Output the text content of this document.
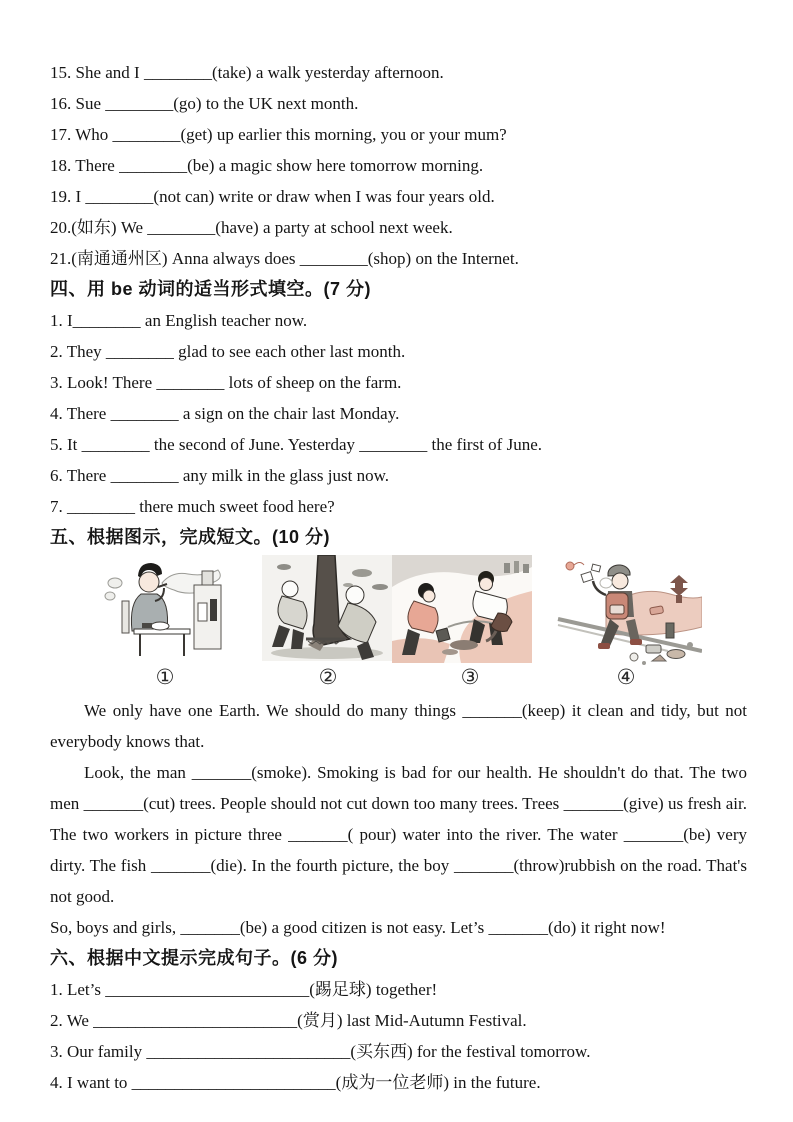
15. She and I ________(take) a walk yesterday afternoon.
16. Sue ________(go) to the UK next month.
17. Who ________(get) up earlier this morning, you or your mum?
18. There ________(be) a magic show here tomorrow morning.
19. I ________(not can) write or draw when I was four years old.
20.(如东) We ________(have) a party at school next week.
21.(南通通州区) Anna always does ________(shop) on the Internet.
四、用 be 动词的适当形式填空。(7 分)
1. I________ an English teacher now.
2. They ________ glad to see each other last month.
3. Look! There ________ lots of sheep on the farm.
4. There ________ a sign on the chair last Monday.
5. It ________ the second of June. Yesterday ________ the first of June.
6. There ________ any milk in the glass just now.
7. ________ there much sweet food here?
五、根据图示，完成短文。(10 分)
①	②	③	④

We only have one Earth. We should do many things _______(keep) it clean and tidy, but not everybody knows that.

Look, the man _______(smoke). Smoking is bad for our health. He shouldn't do that. The two men _______(cut) trees. People should not cut down too many trees. Trees _______(give) us fresh air. The two workers in picture three _______( pour) water into the river. The water _______(be) very dirty. The fish _______(die). In the fourth picture, the boy _______(throw)rubbish on the road. That's not good.

So, boys and girls, _______(be) a good citizen is not easy. Let’s _______(do) it right now!

六、根据中文提示完成句子。(6 分)
1. Let’s ________________________(踢足球) together!
2. We ________________________(赏月) last Mid-Autumn Festival.
3. Our family ________________________(买东西) for the festival tomorrow.
4. I want to ________________________(成为一位老师) in the future.
